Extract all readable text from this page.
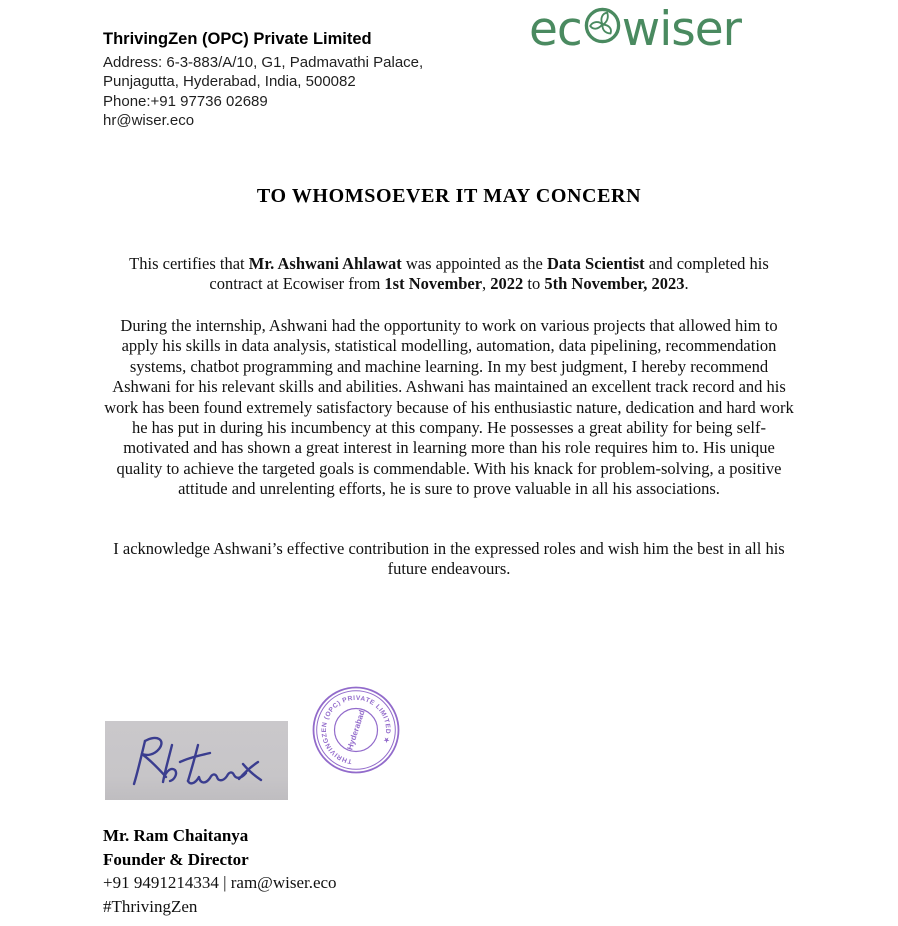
ThrivingZen (OPC) Private Limited
Address: 6-3-883/A/10, G1, Padmavathi Palace,
Punjagutta, Hyderabad, India, 500082
Phone:+91 97736 02689
hr@wiser.eco
ec wiser
TO WHOMSOEVER IT MAY CONCERN

This certifies that Mr. Ashwani Ahlawat was appointed as the Data Scientist and completed his contract at Ecowiser from 1st November, 2022 to 5th November, 2023.

During the internship, Ashwani had the opportunity to work on various projects that allowed him to apply his skills in data analysis, statistical modelling, automation, data pipelining, recommendation systems, chatbot programming and machine learning. In my best judgment, I hereby recommend Ashwani for his relevant skills and abilities. Ashwani has maintained an excellent track record and his work has been found extremely satisfactory because of his enthusiastic nature, dedication and hard work he has put in during his incumbency at this company. He possesses a great ability for being self-motivated and has shown a great interest in learning more than his role requires him to. His unique quality to achieve the targeted goals is commendable. With his knack for problem-solving, a positive attitude and unrelenting efforts, he is sure to prove valuable in all his associations.

I acknowledge Ashwani’s effective contribution in the expressed roles and wish him the best in all his future endeavours.

THRIVINGZEN (OPC) PRIVATE LIMITED ★
Hyderabad
Mr. Ram Chaitanya
Founder & Director
+91 9491214334 | ram@wiser.eco
#ThrivingZen
